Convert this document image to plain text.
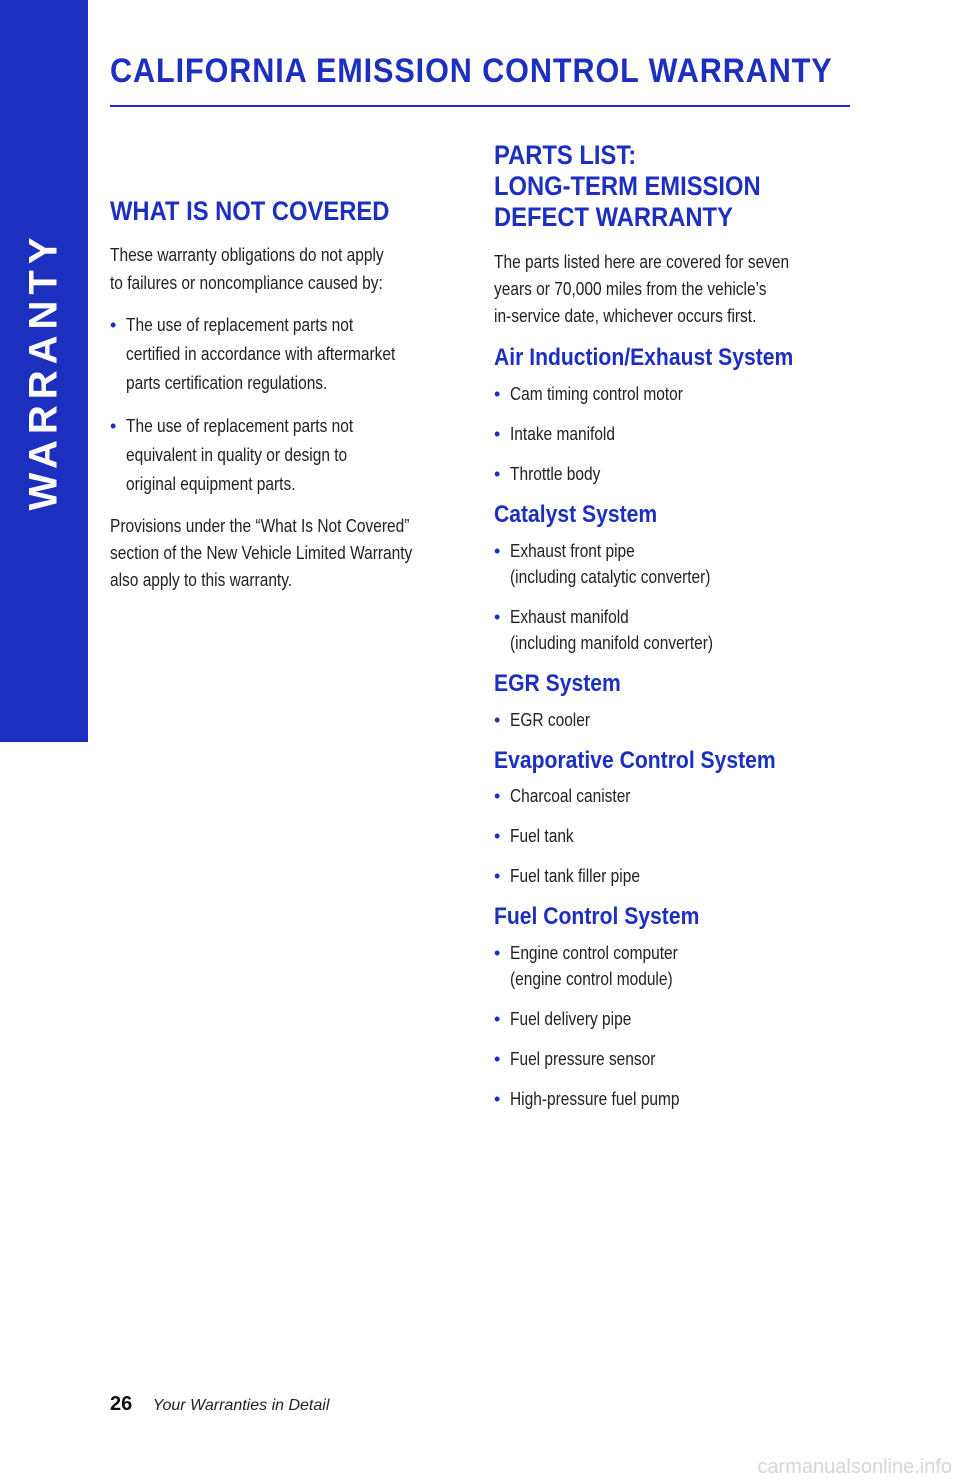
WARRANTY
CALIFORNIA EMISSION CONTROL WARRANTY
WHAT IS NOT COVERED

These warranty obligations do not apply
to failures or noncompliance caused by:

• The use of replacement parts not
certified in accordance with aftermarket
parts certification regulations.
• The use of replacement parts not
equivalent in quality or design to
original equipment parts.

Provisions under the “What Is Not Covered”
section of the New Vehicle Limited Warranty
also apply to this warranty.

PARTS LIST:
LONG-TERM EMISSION
DEFECT WARRANTY

The parts listed here are covered for seven
years or 70,000 miles from the vehicle’s
in-service date, whichever occurs first.

Air Induction/Exhaust System
• Cam timing control motor
• Intake manifold
• Throttle body
Catalyst System
• Exhaust front pipe
(including catalytic converter)
• Exhaust manifold
(including manifold converter)
EGR System
• EGR cooler
Evaporative Control System
• Charcoal canister
• Fuel tank
• Fuel tank filler pipe
Fuel Control System
• Engine control computer
(engine control module)
• Fuel delivery pipe
• Fuel pressure sensor
• High-pressure fuel pump
26 Your Warranties in Detail
carmanualsonline.info
